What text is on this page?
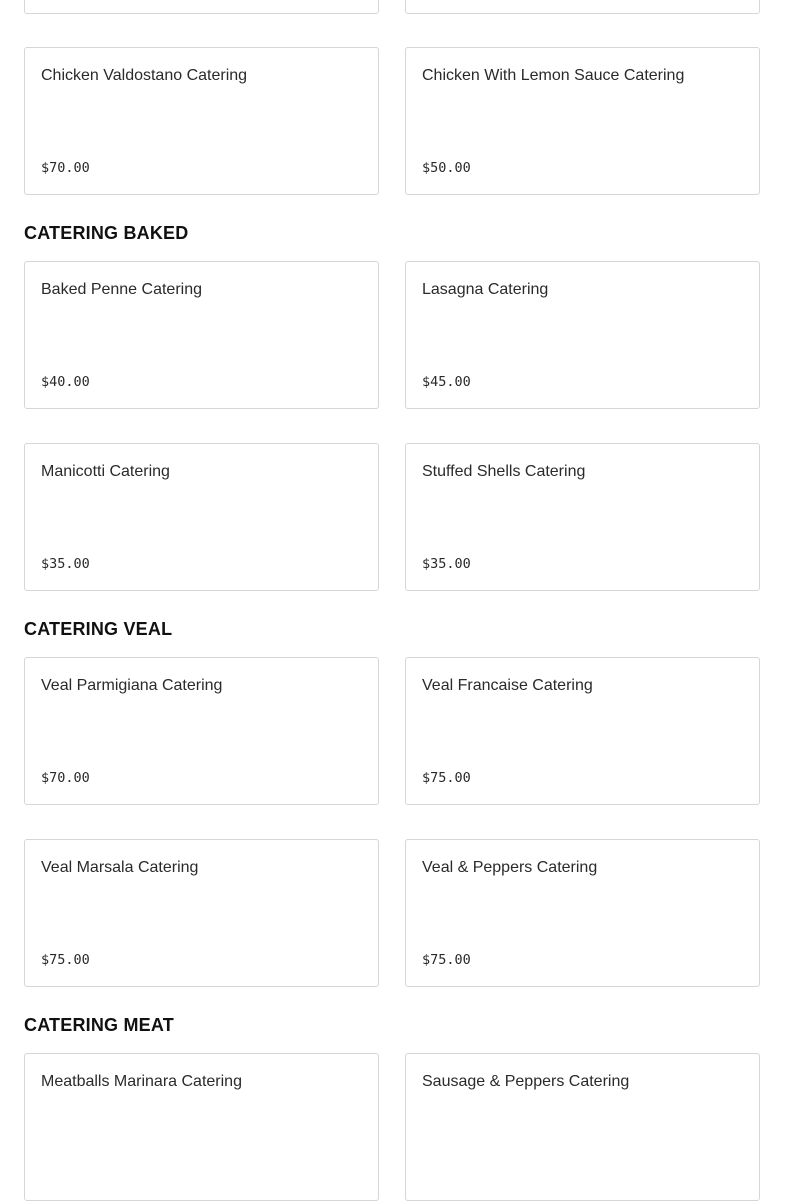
Chicken Valdostano Catering
$70.00
Chicken With Lemon Sauce Catering
$50.00
CATERING BAKED
Baked Penne Catering
$40.00
Lasagna Catering
$45.00
Manicotti Catering
$35.00
Stuffed Shells Catering
$35.00
CATERING VEAL
Veal Parmigiana Catering
$70.00
Veal Francaise Catering
$75.00
Veal Marsala Catering
$75.00
Veal & Peppers Catering
$75.00
CATERING MEAT
Meatballs Marinara Catering	Sausage & Peppers Catering
